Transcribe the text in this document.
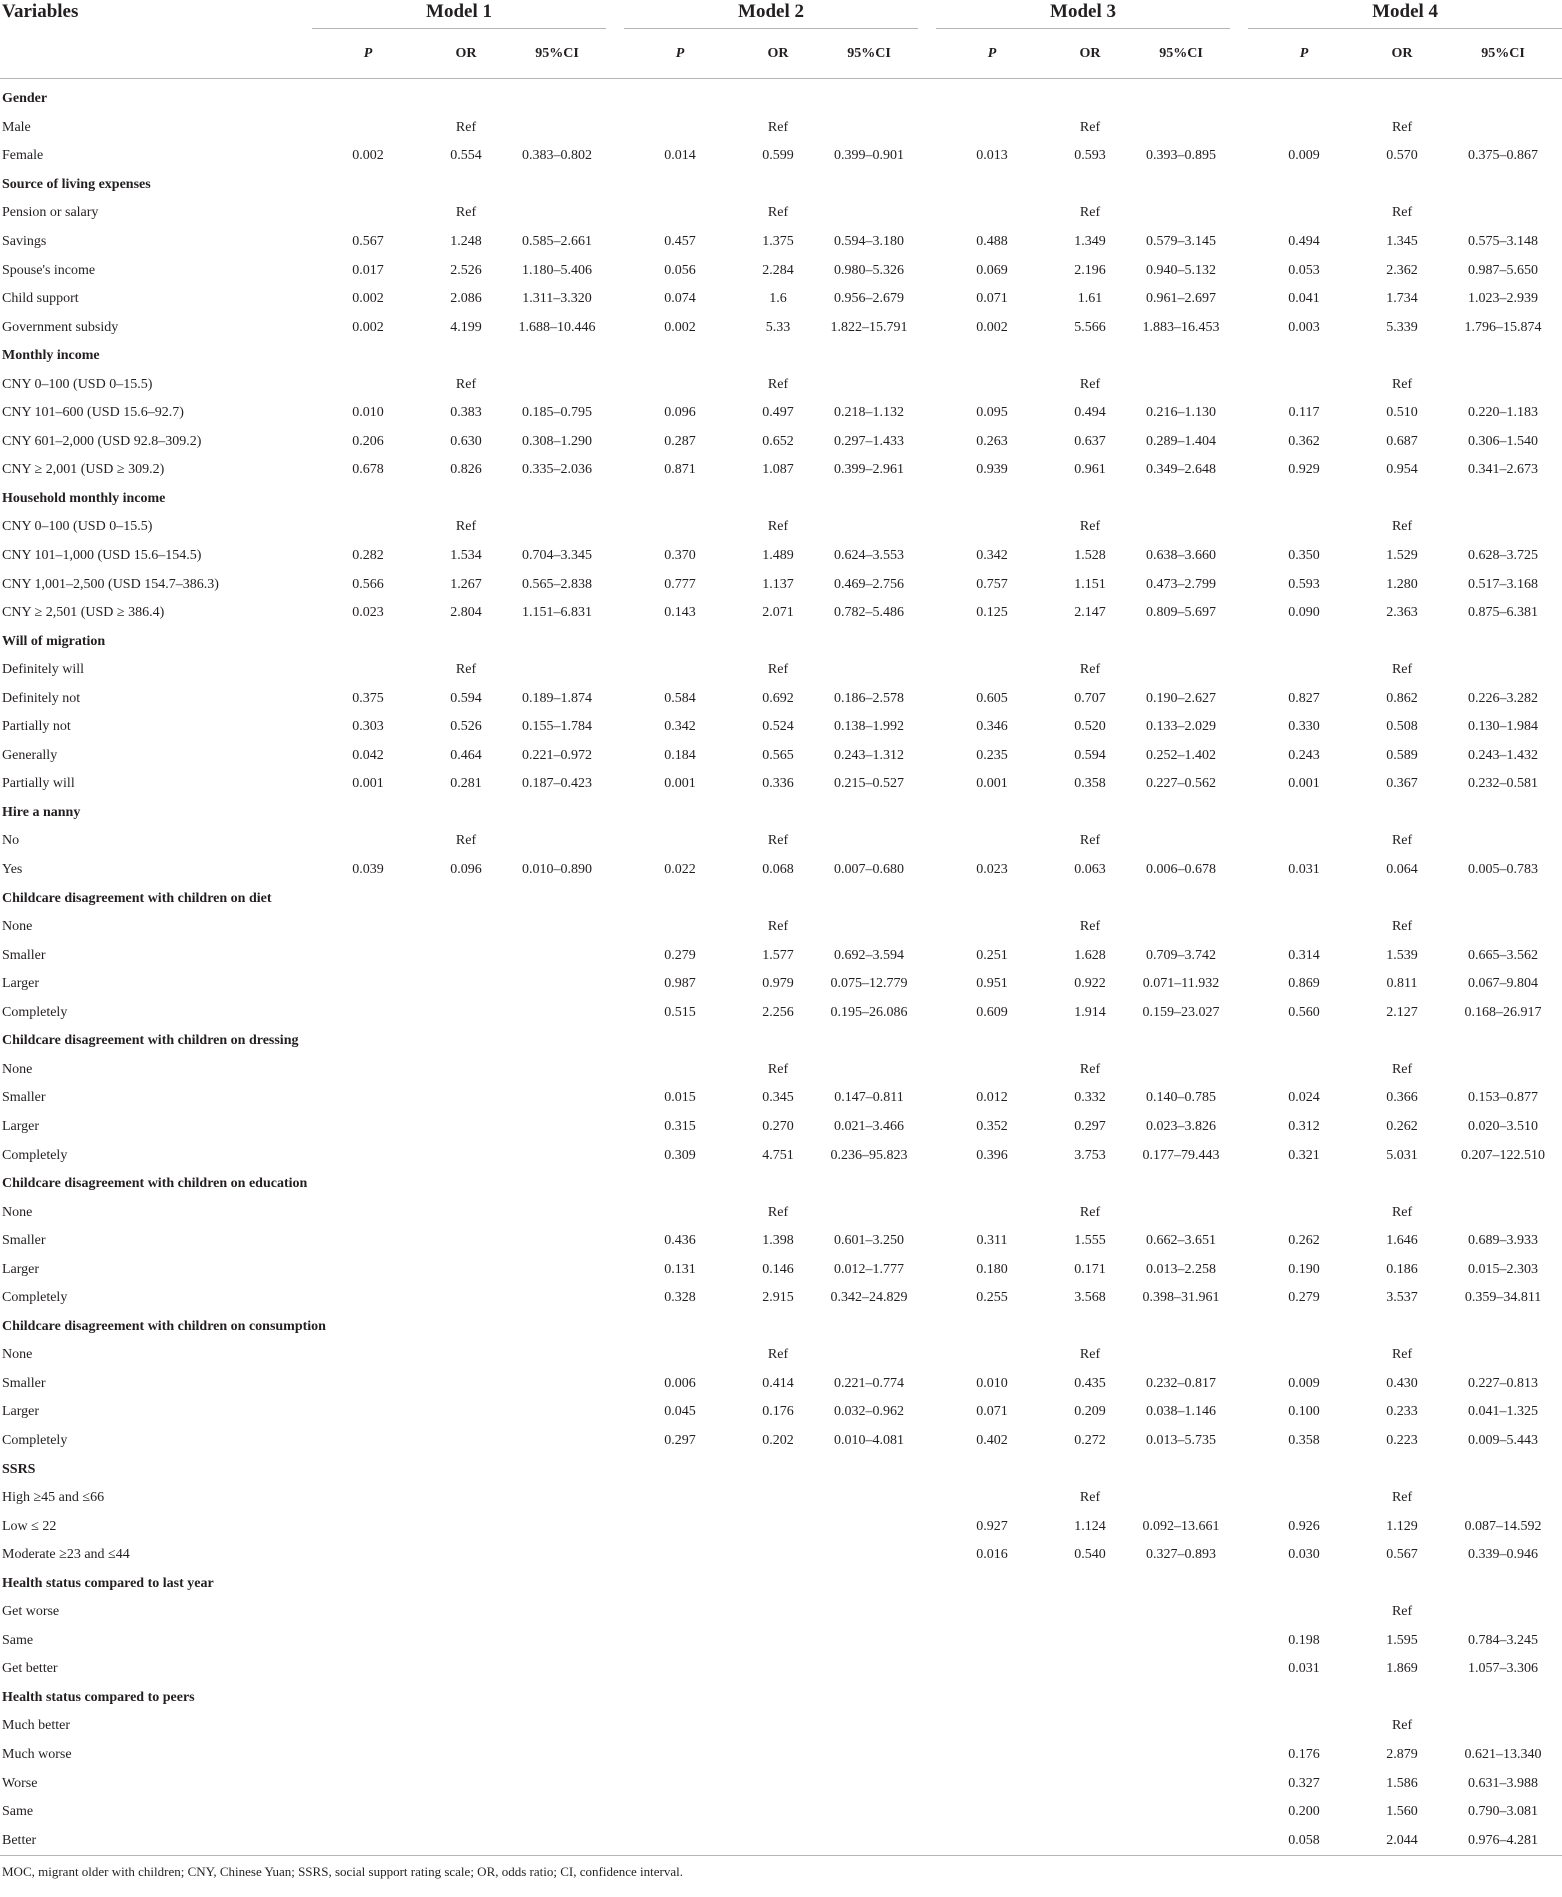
Variables	Model 1				Model 2				Model 3				Model 4		

	P	OR	95%CI		P	OR	95%CI		P	OR	95%CI		P	OR	95%CI
Gender															
Male		Ref				Ref				Ref				Ref	
Female	0.002	0.554	0.383–0.802		0.014	0.599	0.399–0.901		0.013	0.593	0.393–0.895		0.009	0.570	0.375–0.867
Source of living expenses															
Pension or salary		Ref				Ref				Ref				Ref	
Savings	0.567	1.248	0.585–2.661		0.457	1.375	0.594–3.180		0.488	1.349	0.579–3.145		0.494	1.345	0.575–3.148
Spouse's income	0.017	2.526	1.180–5.406		0.056	2.284	0.980–5.326		0.069	2.196	0.940–5.132		0.053	2.362	0.987–5.650
Child support	0.002	2.086	1.311–3.320		0.074	1.6	0.956–2.679		0.071	1.61	0.961–2.697		0.041	1.734	1.023–2.939
Government subsidy	0.002	4.199	1.688–10.446		0.002	5.33	1.822–15.791		0.002	5.566	1.883–16.453		0.003	5.339	1.796–15.874
Monthly income															
CNY 0–100 (USD 0–15.5)		Ref				Ref				Ref				Ref	
CNY 101–600 (USD 15.6–92.7)	0.010	0.383	0.185–0.795		0.096	0.497	0.218–1.132		0.095	0.494	0.216–1.130		0.117	0.510	0.220–1.183
CNY 601–2,000 (USD 92.8–309.2)	0.206	0.630	0.308–1.290		0.287	0.652	0.297–1.433		0.263	0.637	0.289–1.404		0.362	0.687	0.306–1.540
CNY ≥ 2,001 (USD ≥ 309.2)	0.678	0.826	0.335–2.036		0.871	1.087	0.399–2.961		0.939	0.961	0.349–2.648		0.929	0.954	0.341–2.673
Household monthly income															
CNY 0–100 (USD 0–15.5)		Ref				Ref				Ref				Ref	
CNY 101–1,000 (USD 15.6–154.5)	0.282	1.534	0.704–3.345		0.370	1.489	0.624–3.553		0.342	1.528	0.638–3.660		0.350	1.529	0.628–3.725
CNY 1,001–2,500 (USD 154.7–386.3)	0.566	1.267	0.565–2.838		0.777	1.137	0.469–2.756		0.757	1.151	0.473–2.799		0.593	1.280	0.517–3.168
CNY ≥ 2,501 (USD ≥ 386.4)	0.023	2.804	1.151–6.831		0.143	2.071	0.782–5.486		0.125	2.147	0.809–5.697		0.090	2.363	0.875–6.381
Will of migration															
Definitely will		Ref				Ref				Ref				Ref	
Definitely not	0.375	0.594	0.189–1.874		0.584	0.692	0.186–2.578		0.605	0.707	0.190–2.627		0.827	0.862	0.226–3.282
Partially not	0.303	0.526	0.155–1.784		0.342	0.524	0.138–1.992		0.346	0.520	0.133–2.029		0.330	0.508	0.130–1.984
Generally	0.042	0.464	0.221–0.972		0.184	0.565	0.243–1.312		0.235	0.594	0.252–1.402		0.243	0.589	0.243–1.432
Partially will	0.001	0.281	0.187–0.423		0.001	0.336	0.215–0.527		0.001	0.358	0.227–0.562		0.001	0.367	0.232–0.581
Hire a nanny															
No		Ref				Ref				Ref				Ref	
Yes	0.039	0.096	0.010–0.890		0.022	0.068	0.007–0.680		0.023	0.063	0.006–0.678		0.031	0.064	0.005–0.783
Childcare disagreement with children on diet															
None						Ref				Ref				Ref	
Smaller					0.279	1.577	0.692–3.594		0.251	1.628	0.709–3.742		0.314	1.539	0.665–3.562
Larger					0.987	0.979	0.075–12.779		0.951	0.922	0.071–11.932		0.869	0.811	0.067–9.804
Completely					0.515	2.256	0.195–26.086		0.609	1.914	0.159–23.027		0.560	2.127	0.168–26.917
Childcare disagreement with children on dressing															
None						Ref				Ref				Ref	
Smaller					0.015	0.345	0.147–0.811		0.012	0.332	0.140–0.785		0.024	0.366	0.153–0.877
Larger					0.315	0.270	0.021–3.466		0.352	0.297	0.023–3.826		0.312	0.262	0.020–3.510
Completely					0.309	4.751	0.236–95.823		0.396	3.753	0.177–79.443		0.321	5.031	0.207–122.510
Childcare disagreement with children on education															
None						Ref				Ref				Ref	
Smaller					0.436	1.398	0.601–3.250		0.311	1.555	0.662–3.651		0.262	1.646	0.689–3.933
Larger					0.131	0.146	0.012–1.777		0.180	0.171	0.013–2.258		0.190	0.186	0.015–2.303
Completely					0.328	2.915	0.342–24.829		0.255	3.568	0.398–31.961		0.279	3.537	0.359–34.811
Childcare disagreement with children on consumption															
None						Ref				Ref				Ref	
Smaller					0.006	0.414	0.221–0.774		0.010	0.435	0.232–0.817		0.009	0.430	0.227–0.813
Larger					0.045	0.176	0.032–0.962		0.071	0.209	0.038–1.146		0.100	0.233	0.041–1.325
Completely					0.297	0.202	0.010–4.081		0.402	0.272	0.013–5.735		0.358	0.223	0.009–5.443
SSRS															
High ≥45 and ≤66										Ref				Ref	
Low ≤ 22									0.927	1.124	0.092–13.661		0.926	1.129	0.087–14.592
Moderate ≥23 and ≤44									0.016	0.540	0.327–0.893		0.030	0.567	0.339–0.946
Health status compared to last year															
Get worse														Ref	
Same													0.198	1.595	0.784–3.245
Get better													0.031	1.869	1.057–3.306
Health status compared to peers															
Much better														Ref	
Much worse													0.176	2.879	0.621–13.340
Worse													0.327	1.586	0.631–3.988
Same													0.200	1.560	0.790–3.081
Better													0.058	2.044	0.976–4.281
MOC, migrant older with children; CNY, Chinese Yuan; SSRS, social support rating scale; OR, odds ratio; CI, confidence interval.															
